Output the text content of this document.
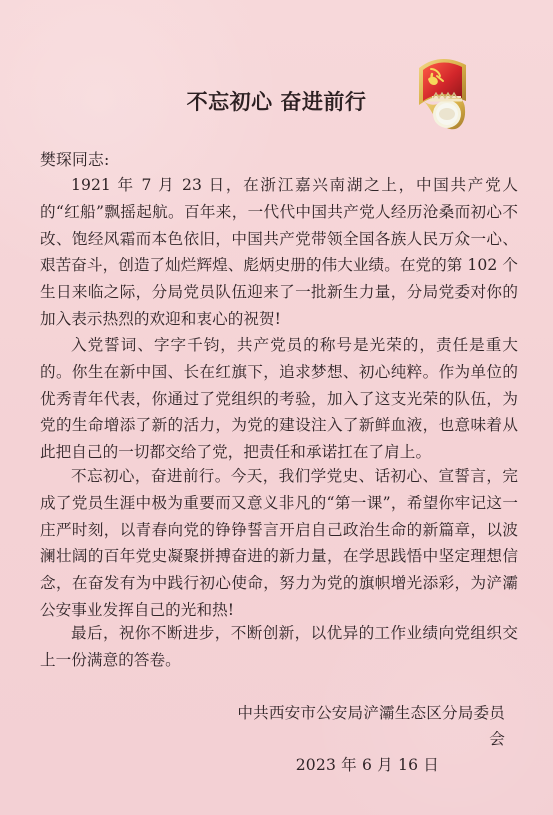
不忘初心 奋进前行
樊琛同志:
1921 年 7 月 23 日，在浙江嘉兴南湖之上，中国共产党人的“红船”飘摇起航。百年来，一代代中国共产党人经历沧桑而初心不改、饱经风霜而本色依旧，中国共产党带领全国各族人民万众一心、艰苦奋斗，创造了灿烂辉煌、彪炳史册的伟大业绩。在党的第 102 个生日来临之际，分局党员队伍迎来了一批新生力量，分局党委对你的加入表示热烈的欢迎和衷心的祝贺!
入党誓词、字字千钧，共产党员的称号是光荣的，责任是重大的。你生在新中国、长在红旗下，追求梦想、初心纯粹。作为单位的优秀青年代表，你通过了党组织的考验，加入了这支光荣的队伍，为党的生命增添了新的活力，为党的建设注入了新鲜血液，也意味着从此把自己的一切都交给了党，把责任和承诺扛在了肩上。
不忘初心，奋进前行。今天，我们学党史、话初心、宣誓言，完成了党员生涯中极为重要而又意义非凡的“第一课”，希望你牢记这一庄严时刻，以青春向党的铮铮誓言开启自己政治生命的新篇章，以波澜壮阔的百年党史凝聚拼搏奋进的新力量，在学思践悟中坚定理想信念，在奋发有为中践行初心使命，努力为党的旗帜增光添彩，为浐灞公安事业发挥自己的光和热!
最后，祝你不断进步，不断创新，以优异的工作业绩向党组织交上一份满意的答卷。
中共西安市公安局浐灞生态区分局委员会
2023 年 6 月 16 日
